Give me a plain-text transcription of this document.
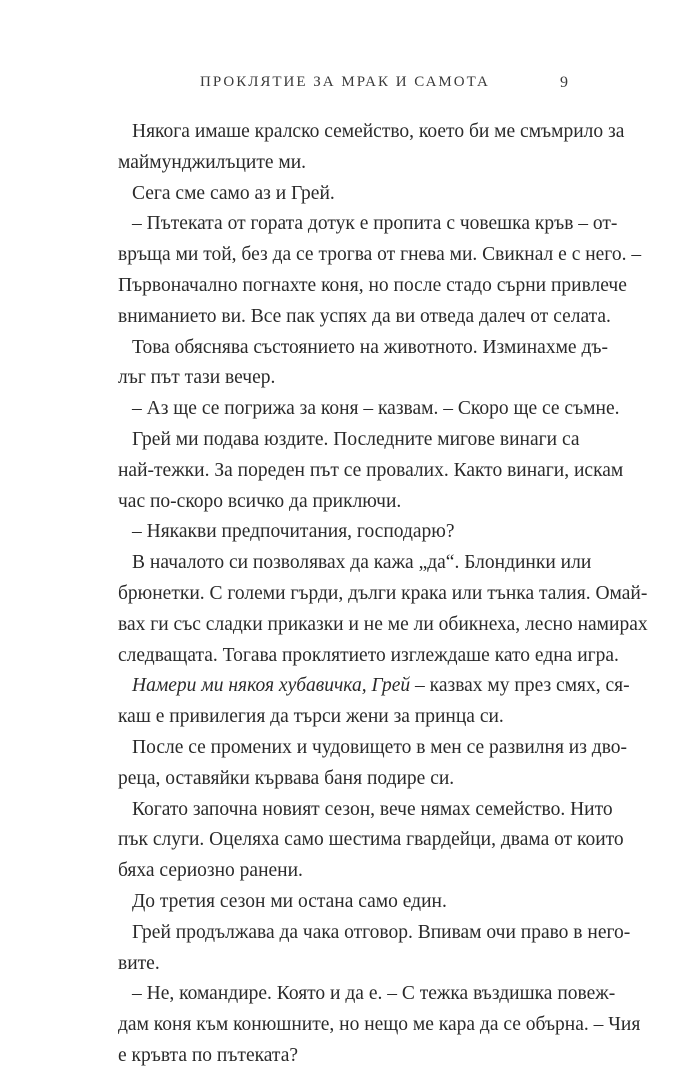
ПРОКЛЯТИЕ ЗА МРАК И САМОТА	9
Някога имаше кралско семейство, което би ме смъмрило за
маймунджилъците ми.
Сега сме само аз и Грей.
– Пътеката от гората дотук е пропита с човешка кръв – от-
връща ми той, без да се трогва от гнева ми. Свикнал е с него. –
Първоначално погнахте коня, но после стадо сърни привлече
вниманието ви. Все пак успях да ви отведа далеч от селата.
Това обяснява състоянието на животното. Изминахме дъ-
лъг път тази вечер.
– Аз ще се погрижа за коня – казвам. – Скоро ще се съмне.
Грей ми подава юздите. Последните мигове винаги са
най-тежки. За пореден път се провалих. Както винаги, искам
час по-скоро всичко да приключи.
– Някакви предпочитания, господарю?
В началото си позволявах да кажа „да“. Блондинки или
брюнетки. С големи гърди, дълги крака или тънка талия. Омай-
вах ги със сладки приказки и не ме ли обикнеха, лесно намирах
следващата. Тогава проклятието изглеждаше като една игра.
Намери ми някоя хубавичка, Грей – казвах му през смях, ся-
каш е привилегия да търси жени за принца си.
После се промених и чудовището в мен се развилня из дво-
реца, оставяйки кървава баня подире си.
Когато започна новият сезон, вече нямах семейство. Нито
пък слуги. Оцеляха само шестима гвардейци, двама от които
бяха сериозно ранени.
До третия сезон ми остана само един.
Грей продължава да чака отговор. Впивам очи право в него-
вите.
– Не, командире. Която и да е. – С тежка въздишка повеж-
дам коня към конюшните, но нещо ме кара да се обърна. – Чия
е кръвта по пътеката?
